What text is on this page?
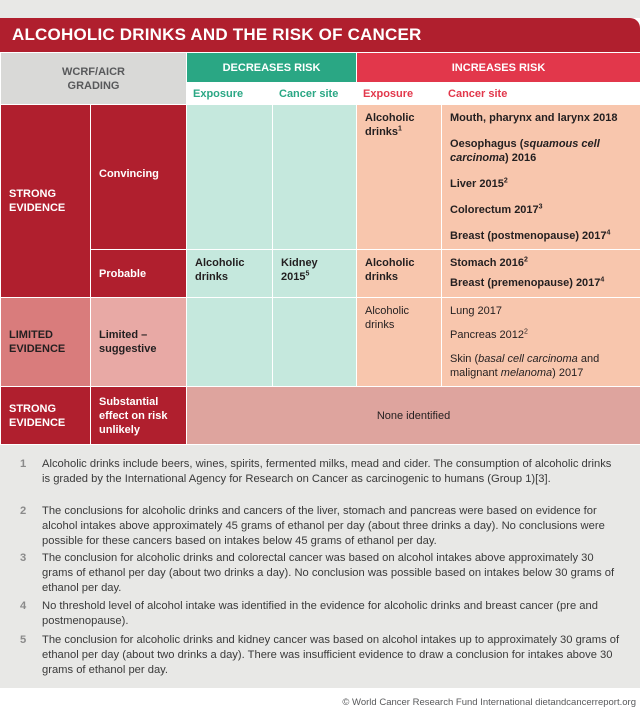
ALCOHOLIC DRINKS AND THE RISK OF CANCER
WCRF/AICR GRADING		DECREASES RISK		INCREASES RISK	

		Exposure	Cancer site	Exposure	Cancer site

STRONG EVIDENCE	Convincing			Alcoholic drinks$^1$	Mouth, pharynx and larynx 2018
Oesophagus (squamous cell carcinoma) 2016
Liver 2015$^2$
Colorectum 2017$^3$
Breast (postmenopause) 2017$^4$

	Probable	Alcoholic drinks	Kidney 2015$^5$	Alcoholic drinks	Stomach 2016$^2$
Breast (premenopause) 2017$^4$

LIMITED EVIDENCE	Limited – suggestive			Alcoholic drinks	Lung 2017
Pancreas 2012$^2$
Skin (basal cell carcinoma and malignant melanoma) 2017

STRONG EVIDENCE	Substantial effect on risk unlikely	None identified			
1	Alcoholic drinks include beers, wines, spirits, fermented milks, mead and cider. The consumption of alcoholic drinks is graded by the International Agency for Research on Cancer as carcinogenic to humans (Group 1)[3].
2	The conclusions for alcoholic drinks and cancers of the liver, stomach and pancreas were based on evidence for alcohol intakes above approximately 45 grams of ethanol per day (about three drinks a day). No conclusions were possible for these cancers based on intakes below 45 grams of ethanol per day.
3	The conclusion for alcoholic drinks and colorectal cancer was based on alcohol intakes above approximately 30 grams of ethanol per day (about two drinks a day). No conclusion was possible based on intakes below 30 grams of ethanol per day.
4	No threshold level of alcohol intake was identified in the evidence for alcoholic drinks and breast cancer (pre and postmenopause).
5	The conclusion for alcoholic drinks and kidney cancer was based on alcohol intakes up to approximately 30 grams of ethanol per day (about two drinks a day). There was insufficient evidence to draw a conclusion for intakes above 30 grams of ethanol per day.
© World Cancer Research Fund International dietandcancerreport.org
